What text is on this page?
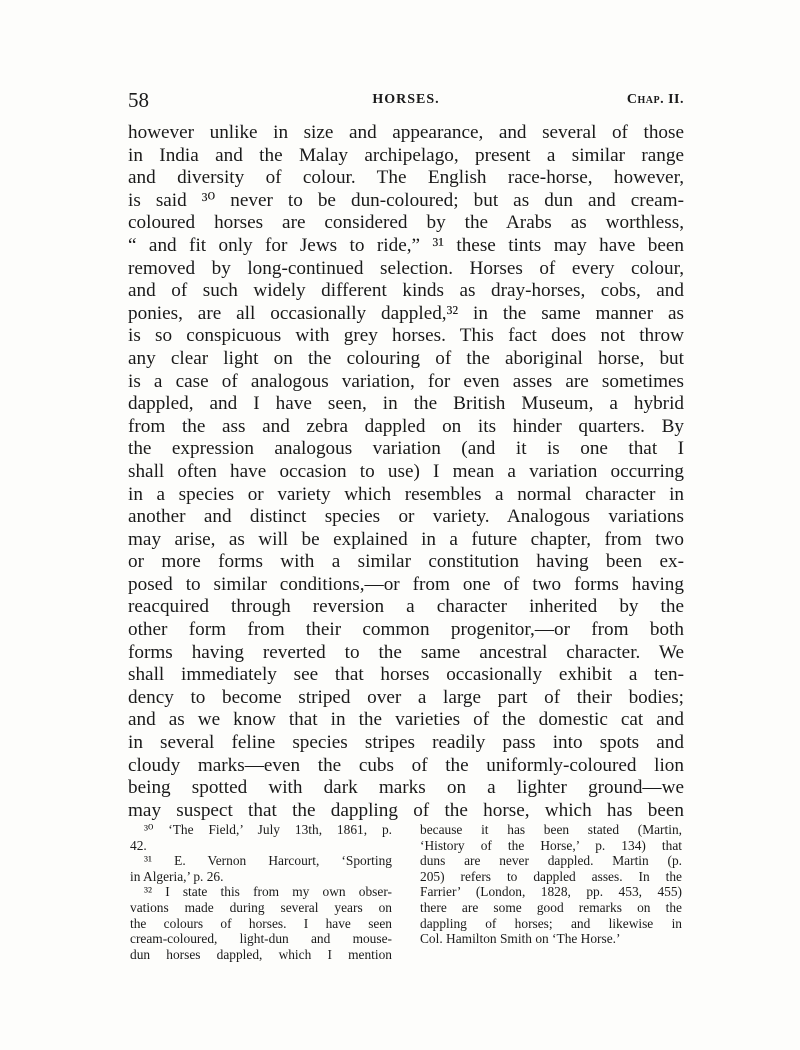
58	HORSES.	Chap. II.
however unlike in size and appearance, and several of those
in India and the Malay archipelago, present a similar range
and diversity of colour. The English race-horse, however,
is said ³⁰ never to be dun-coloured; but as dun and cream-
coloured horses are considered by the Arabs as worthless,
“ and fit only for Jews to ride,” ³¹ these tints may have been
removed by long-continued selection. Horses of every colour,
and of such widely different kinds as dray-horses, cobs, and
ponies, are all occasionally dappled,³² in the same manner as
is so conspicuous with grey horses. This fact does not throw
any clear light on the colouring of the aboriginal horse, but
is a case of analogous variation, for even asses are sometimes
dappled, and I have seen, in the British Museum, a hybrid
from the ass and zebra dappled on its hinder quarters. By
the expression analogous variation (and it is one that I
shall often have occasion to use) I mean a variation occurring
in a species or variety which resembles a normal character in
another and distinct species or variety. Analogous variations
may arise, as will be explained in a future chapter, from two
or more forms with a similar constitution having been ex-
posed to similar conditions,—or from one of two forms having
reacquired through reversion a character inherited by the
other form from their common progenitor,—or from both
forms having reverted to the same ancestral character. We
shall immediately see that horses occasionally exhibit a ten-
dency to become striped over a large part of their bodies;
and as we know that in the varieties of the domestic cat and
in several feline species stripes readily pass into spots and
cloudy marks—even the cubs of the uniformly-coloured lion
being spotted with dark marks on a lighter ground—we
may suspect that the dappling of the horse, which has been
³⁰ ‘The Field,’ July 13th, 1861, p.
42.
³¹ E. Vernon Harcourt, ‘Sporting
in Algeria,’ p. 26.
³² I state this from my own obser-
vations made during several years on
the colours of horses. I have seen
cream-coloured, light-dun and mouse-
dun horses dappled, which I mention
because it has been stated (Martin,
‘History of the Horse,’ p. 134) that
duns are never dappled. Martin (p.
205) refers to dappled asses. In the
Farrier’ (London, 1828, pp. 453, 455)
there are some good remarks on the
dappling of horses; and likewise in
Col. Hamilton Smith on ‘The Horse.’
